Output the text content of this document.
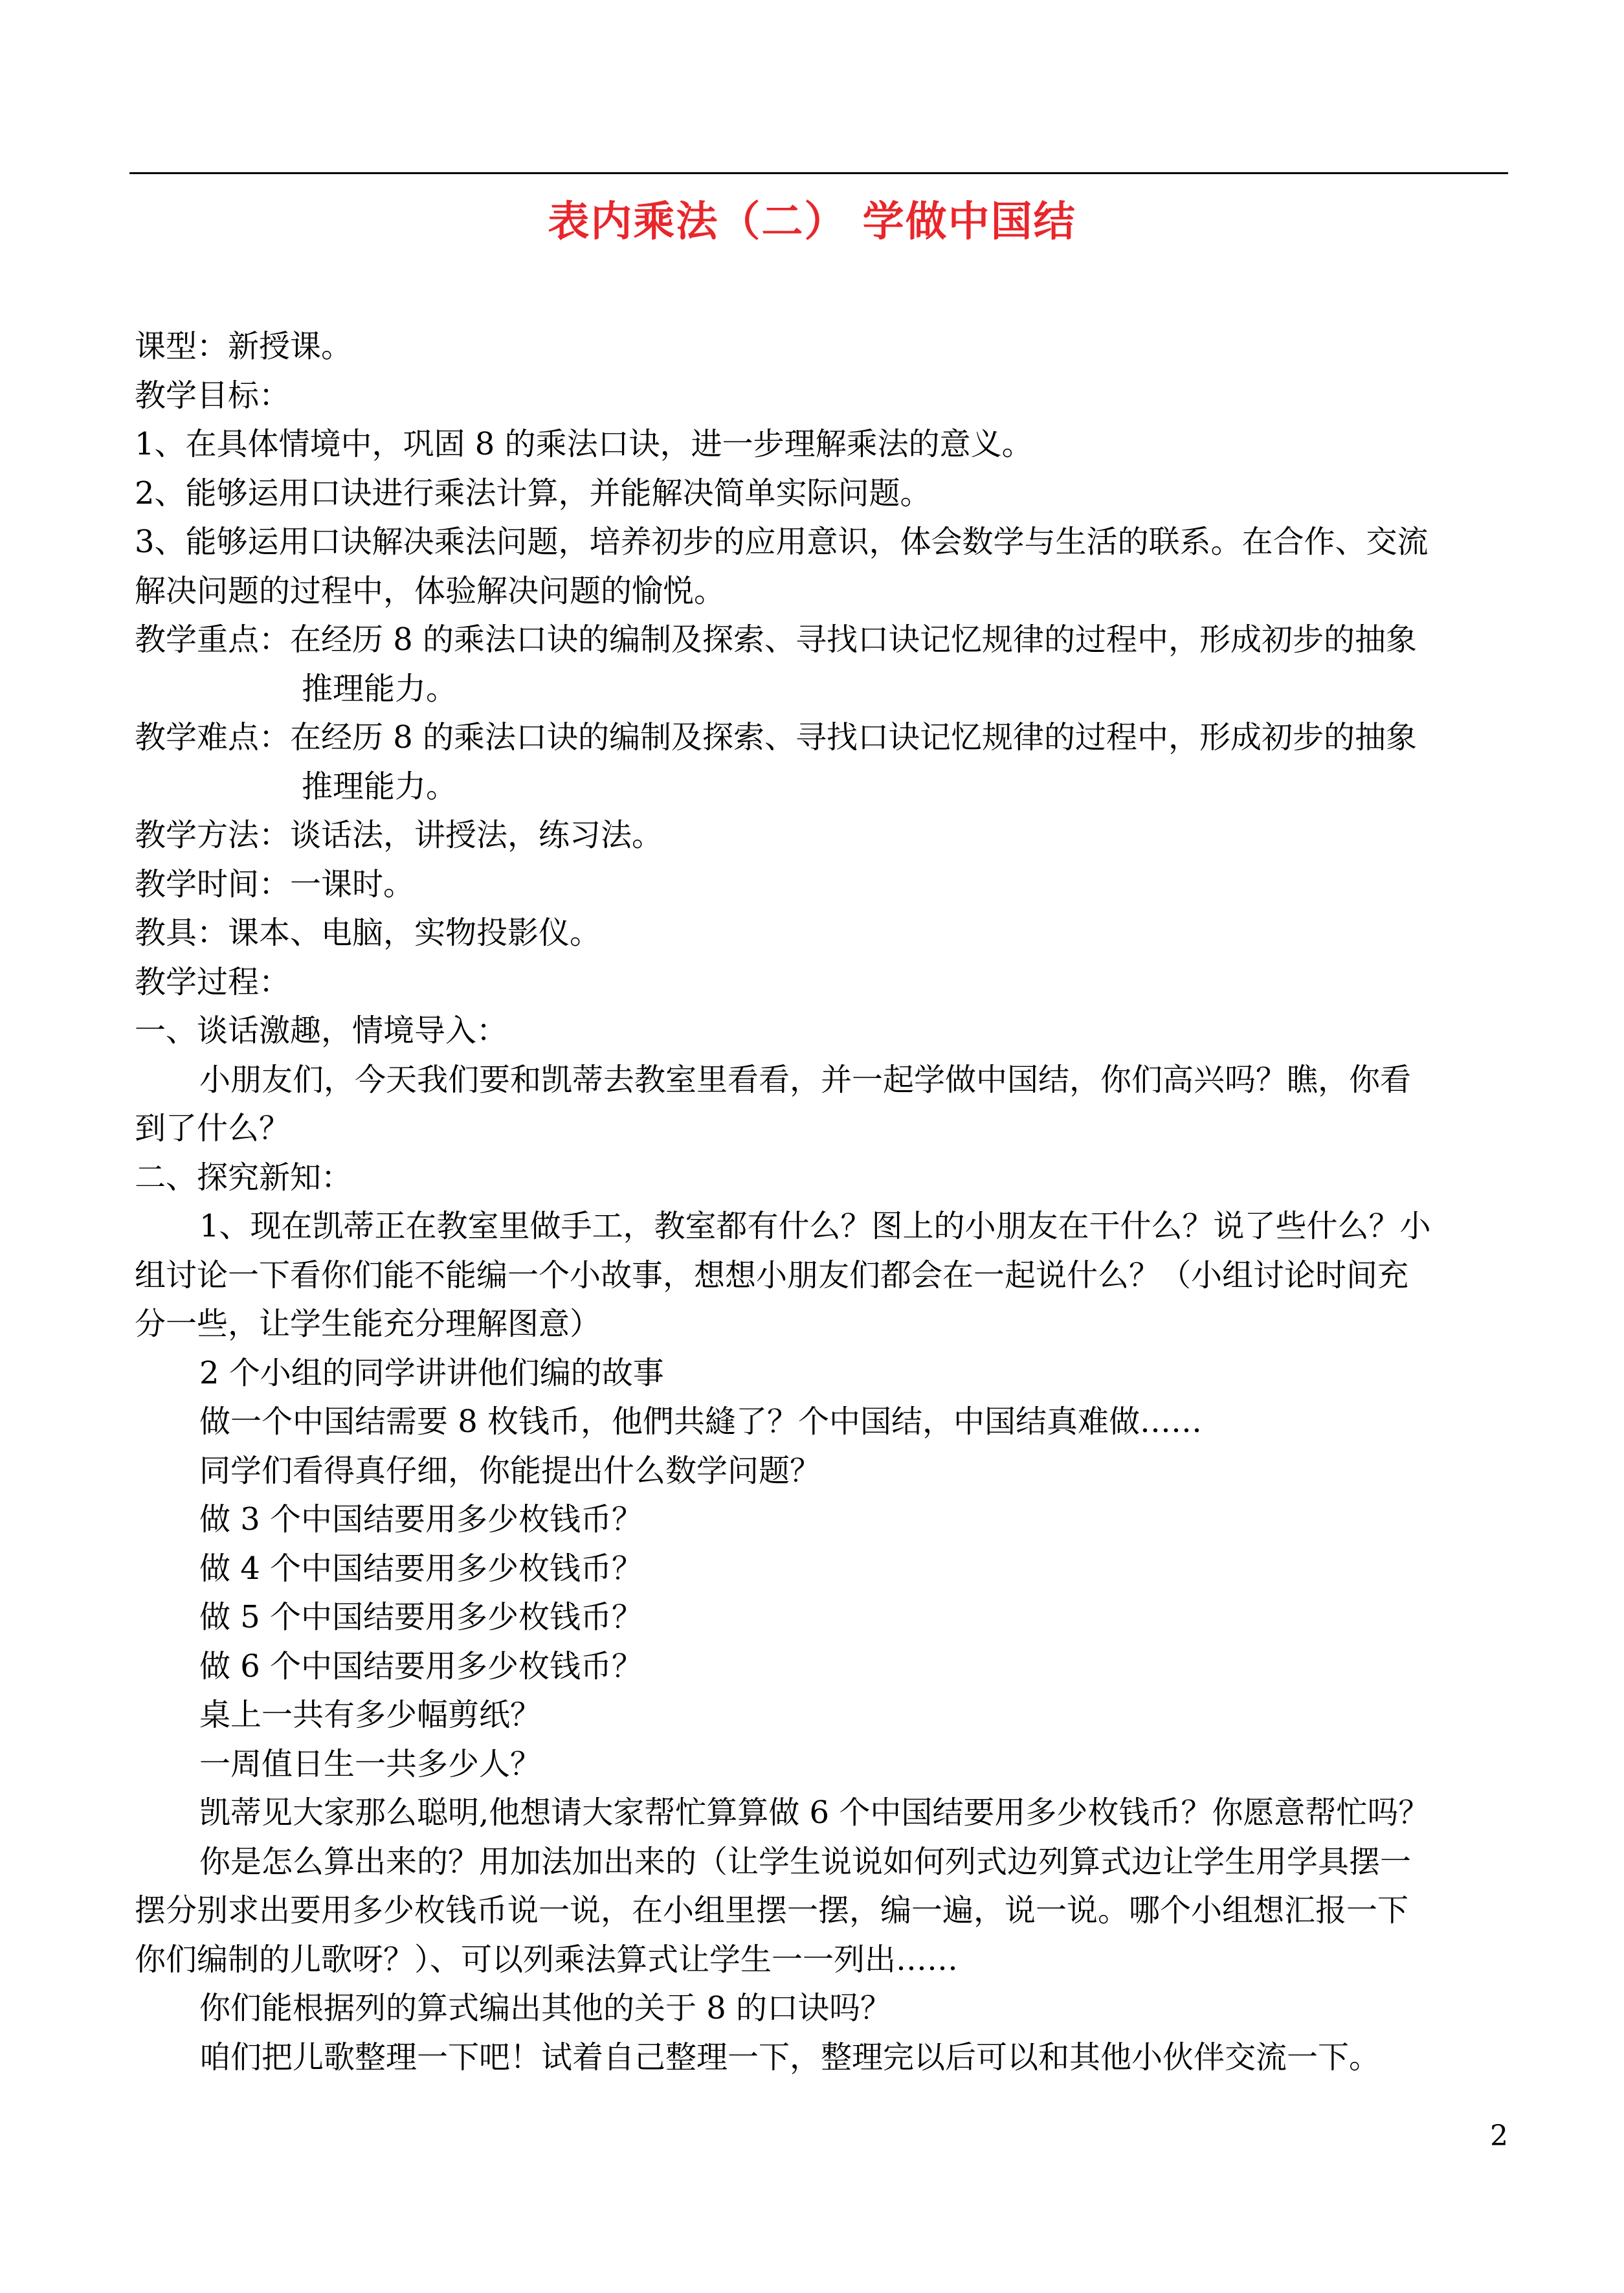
表内乘法（二） 学做中国结
课型：新授课。
教学目标：
1、在具体情境中，巩固 8 的乘法口诀，进一步理解乘法的意义。
2、能够运用口诀进行乘法计算，并能解决简单实际问题。
3、能够运用口诀解决乘法问题，培养初步的应用意识，体会数学与生活的联系。在合作、交流
解决问题的过程中，体验解决问题的愉悦。
教学重点：在经历 8 的乘法口诀的编制及探索、寻找口诀记忆规律的过程中，形成初步的抽象
推理能力。
教学难点：在经历 8 的乘法口诀的编制及探索、寻找口诀记忆规律的过程中，形成初步的抽象
推理能力。
教学方法：谈话法，讲授法，练习法。
教学时间：一课时。
教具：课本、电脑，实物投影仪。
教学过程：
一、谈话激趣，情境导入：
小朋友们，今天我们要和凯蒂去教室里看看，并一起学做中国结，你们高兴吗？瞧，你看
到了什么？
二、探究新知：
1、现在凯蒂正在教室里做手工，教室都有什么？图上的小朋友在干什么？说了些什么？小
组讨论一下看你们能不能编一个小故事，想想小朋友们都会在一起说什么？（小组讨论时间充
分一些，让学生能充分理解图意）
2 个小组的同学讲讲他们编的故事
做一个中国结需要 8 枚钱币，他們共縫了？个中国结，中国结真难做……
同学们看得真仔细，你能提出什么数学问题？
做 3 个中国结要用多少枚钱币？
做 4 个中国结要用多少枚钱币？
做 5 个中国结要用多少枚钱币？
做 6 个中国结要用多少枚钱币？
桌上一共有多少幅剪纸？
一周值日生一共多少人？
凯蒂见大家那么聪明,他想请大家帮忙算算做 6 个中国结要用多少枚钱币？你愿意帮忙吗？
你是怎么算出来的？用加法加出来的（让学生说说如何列式边列算式边让学生用学具摆一
摆分别求出要用多少枚钱币说一说，在小组里摆一摆，编一遍，说一说。哪个小组想汇报一下
你们编制的儿歌呀？）、可以列乘法算式让学生一一列出……
你们能根据列的算式编出其他的关于 8 的口诀吗？
咱们把儿歌整理一下吧！试着自己整理一下，整理完以后可以和其他小伙伴交流一下。
2
